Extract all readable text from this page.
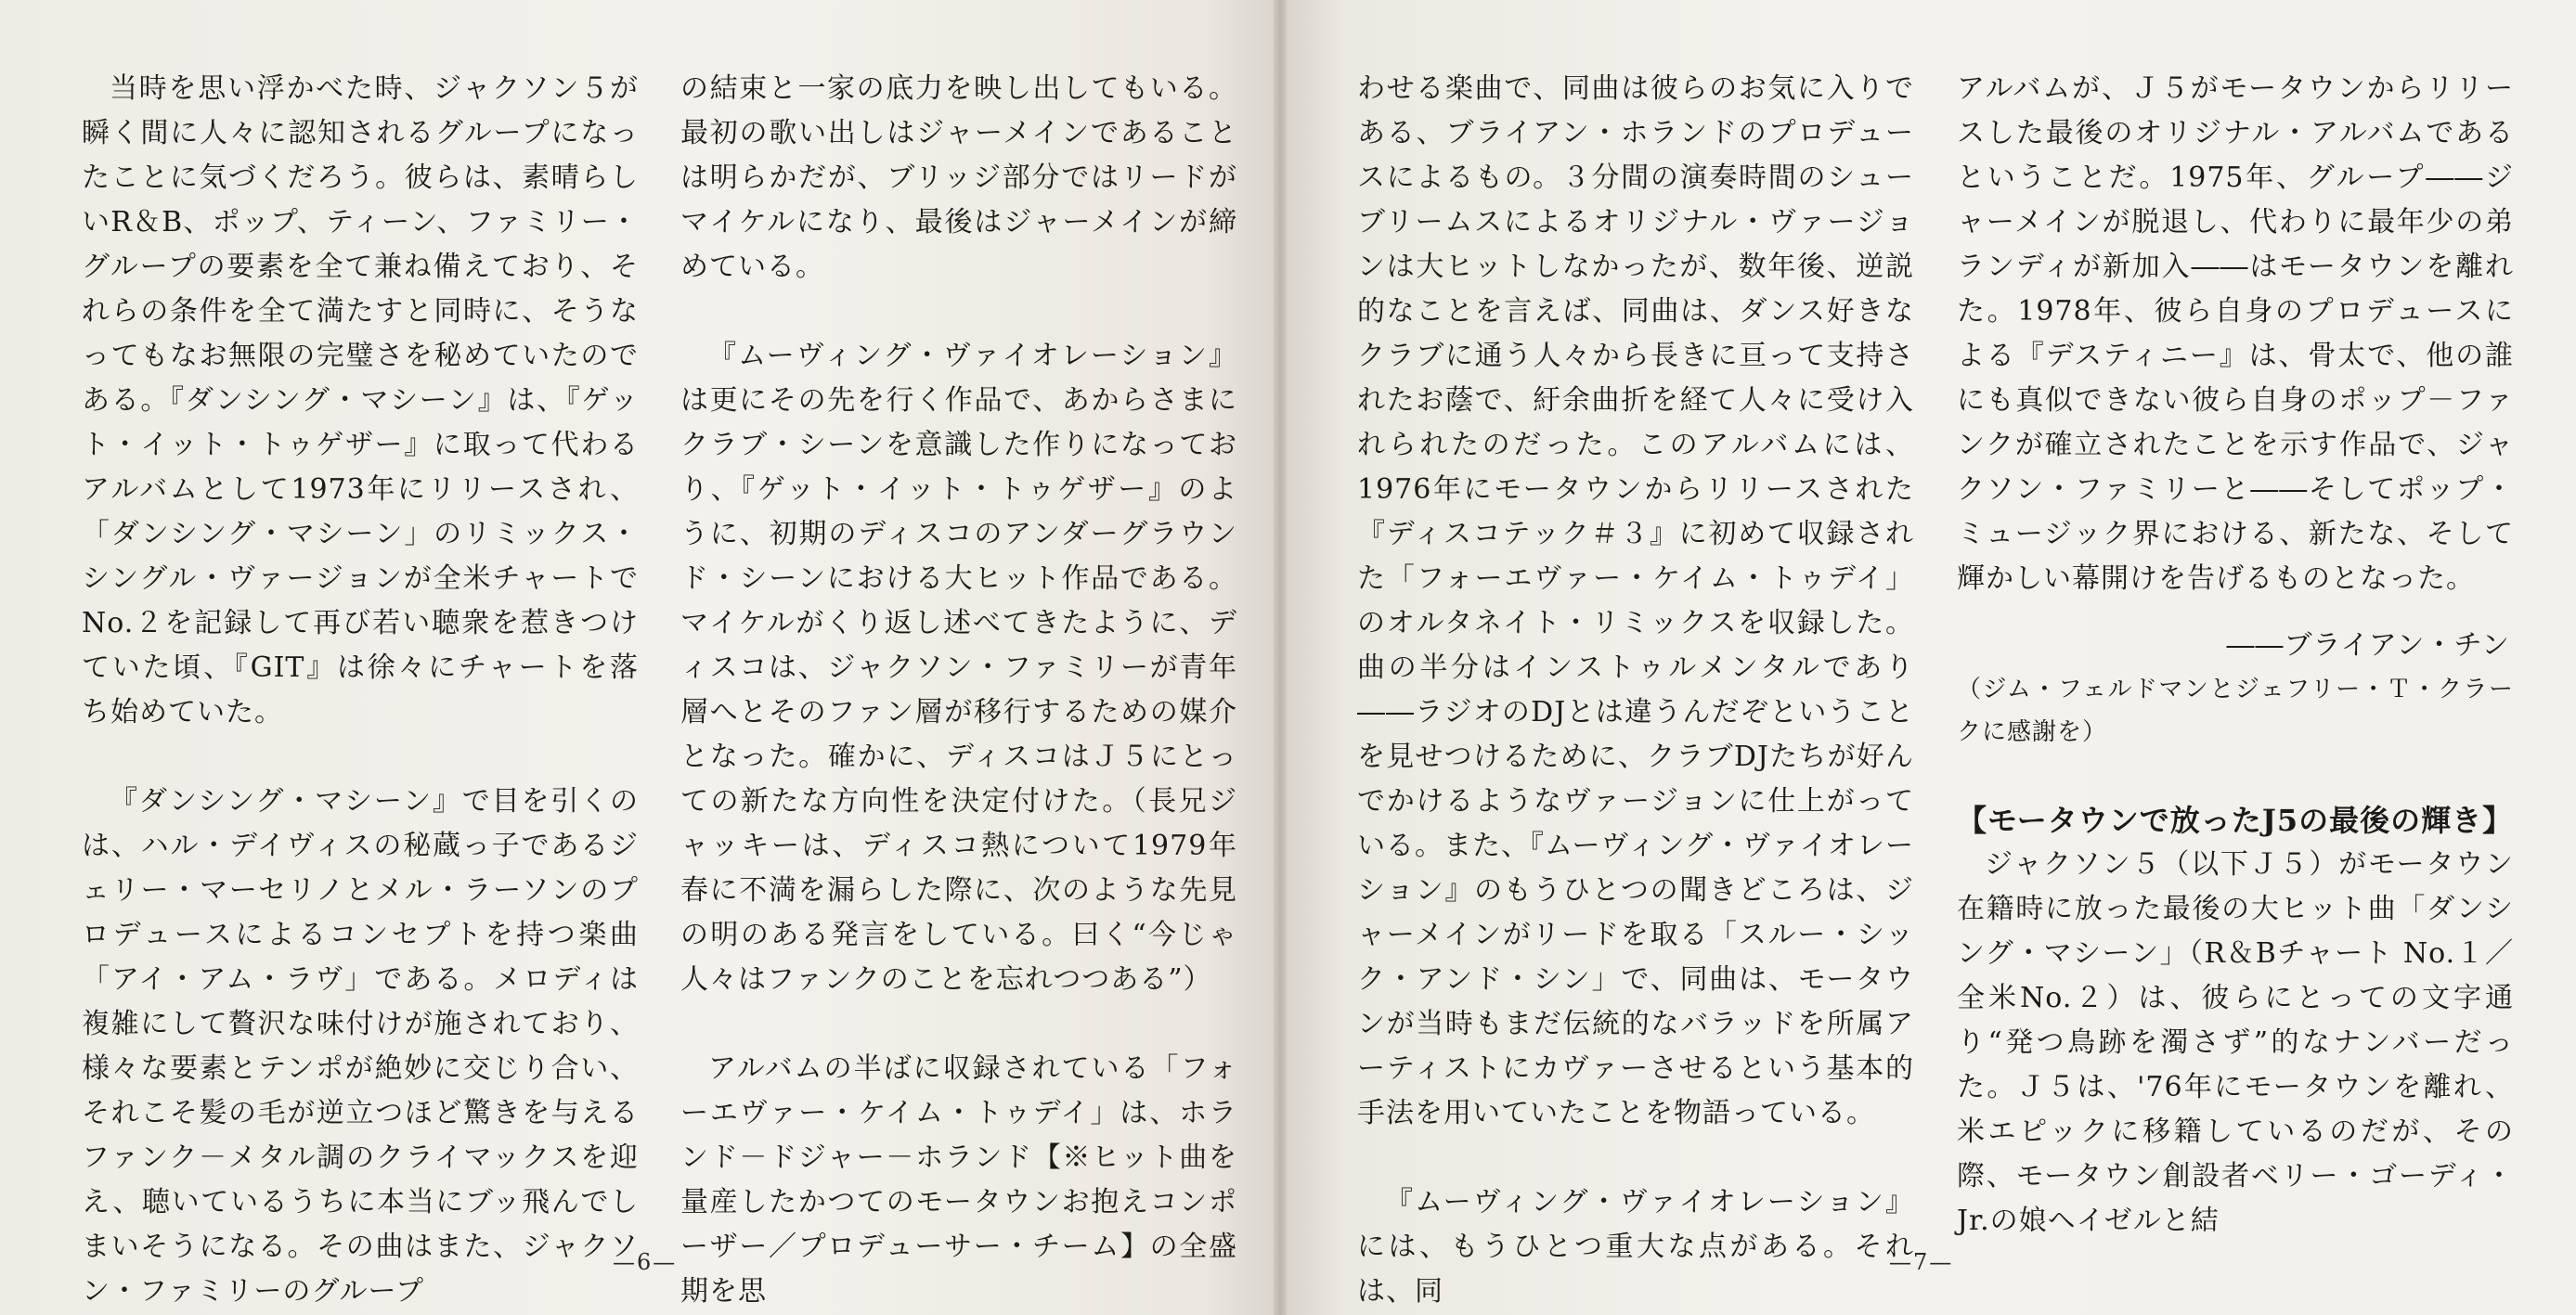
当時を思い浮かべた時、ジャクソン５が瞬く間に人々に認知されるグループになったことに気づくだろう。彼らは、素晴らしいR＆B、ポップ、ティーン、ファミリー・グループの要素を全て兼ね備えており、それらの条件を全て満たすと同時に、そうなってもなお無限の完璧さを秘めていたのである。『ダンシング・マシーン』は、『ゲット・イット・トゥゲザー』に取って代わるアルバムとして1973年にリリースされ、「ダンシング・マシーン」のリミックス・シングル・ヴァージョンが全米チャートでNo.２を記録して再び若い聴衆を惹きつけていた頃、『GIT』は徐々にチャートを落ち始めていた。

『ダンシング・マシーン』で目を引くのは、ハル・デイヴィスの秘蔵っ子であるジェリー・マーセリノとメル・ラーソンのプロデュースによるコンセプトを持つ楽曲「アイ・アム・ラヴ」である。メロディは複雑にして贅沢な味付けが施されており、様々な要素とテンポが絶妙に交じり合い、それこそ髪の毛が逆立つほど驚きを与えるファンク－メタル調のクライマックスを迎え、聴いているうちに本当にブッ飛んでしまいそうになる。その曲はまた、ジャクソン・ファミリーのグループ

の結束と一家の底力を映し出してもいる。最初の歌い出しはジャーメインであることは明らかだが、ブリッジ部分ではリードがマイケルになり、最後はジャーメインが締めている。

『ムーヴィング・ヴァイオレーション』は更にその先を行く作品で、あからさまにクラブ・シーンを意識した作りになっており、『ゲット・イット・トゥゲザー』のように、初期のディスコのアンダーグラウンド・シーンにおける大ヒット作品である。マイケルがくり返し述べてきたように、ディスコは、ジャクソン・ファミリーが青年層へとそのファン層が移行するための媒介となった。確かに、ディスコはＪ５にとっての新たな方向性を決定付けた。（長兄ジャッキーは、ディスコ熱について1979年春に不満を漏らした際に、次のような先見の明のある発言をしている。曰く“今じゃ人々はファンクのことを忘れつつある”）

アルバムの半ばに収録されている「フォーエヴァー・ケイム・トゥデイ」は、ホランド－ドジャー－ホランド【※ヒット曲を量産したかつてのモータウンお抱えコンポーザー／プロデューサー・チーム】の全盛期を思

—6—

わせる楽曲で、同曲は彼らのお気に入りである、ブライアン・ホランドのプロデュースによるもの。３分間の演奏時間のシューブリームスによるオリジナル・ヴァージョンは大ヒットしなかったが、数年後、逆説的なことを言えば、同曲は、ダンス好きなクラブに通う人々から長きに亘って支持されたお蔭で、紆余曲折を経て人々に受け入れられたのだった。このアルバムには、1976年にモータウンからリリースされた『ディスコテック＃３』に初めて収録された「フォーエヴァー・ケイム・トゥデイ」のオルタネイト・リミックスを収録した。曲の半分はインストゥルメンタルであり――ラジオのDJとは違うんだぞということを見せつけるために、クラブDJたちが好んでかけるようなヴァージョンに仕上がっている。また、『ムーヴィング・ヴァイオレーション』のもうひとつの聞きどころは、ジャーメインがリードを取る「スルー・シック・アンド・シン」で、同曲は、モータウンが当時もまだ伝統的なバラッドを所属アーティストにカヴァーさせるという基本的手法を用いていたことを物語っている。

『ムーヴィング・ヴァイオレーション』には、もうひとつ重大な点がある。それは、同

アルバムが、Ｊ５がモータウンからリリースした最後のオリジナル・アルバムであるということだ。1975年、グループ――ジャーメインが脱退し、代わりに最年少の弟ランディが新加入――はモータウンを離れた。1978年、彼ら自身のプロデュースによる『デスティニー』は、骨太で、他の誰にも真似できない彼ら自身のポップ－ファンクが確立されたことを示す作品で、ジャクソン・ファミリーと――そしてポップ・ミュージック界における、新たな、そして輝かしい幕開けを告げるものとなった。

――ブライアン・チン

（ジム・フェルドマンとジェフリー・Ｔ・クラークに感謝を）

【モータウンで放ったJ5の最後の輝き】

ジャクソン５（以下Ｊ５）がモータウン在籍時に放った最後の大ヒット曲「ダンシング・マシーン」（R＆Bチャート No.１／全米No.２）は、彼らにとっての文字通り“発つ鳥跡を濁さず”的なナンバーだった。Ｊ５は、'76年にモータウンを離れ、米エピックに移籍しているのだが、その際、モータウン創設者ベリー・ゴーディ・Jr.の娘ヘイゼルと結

—7—
